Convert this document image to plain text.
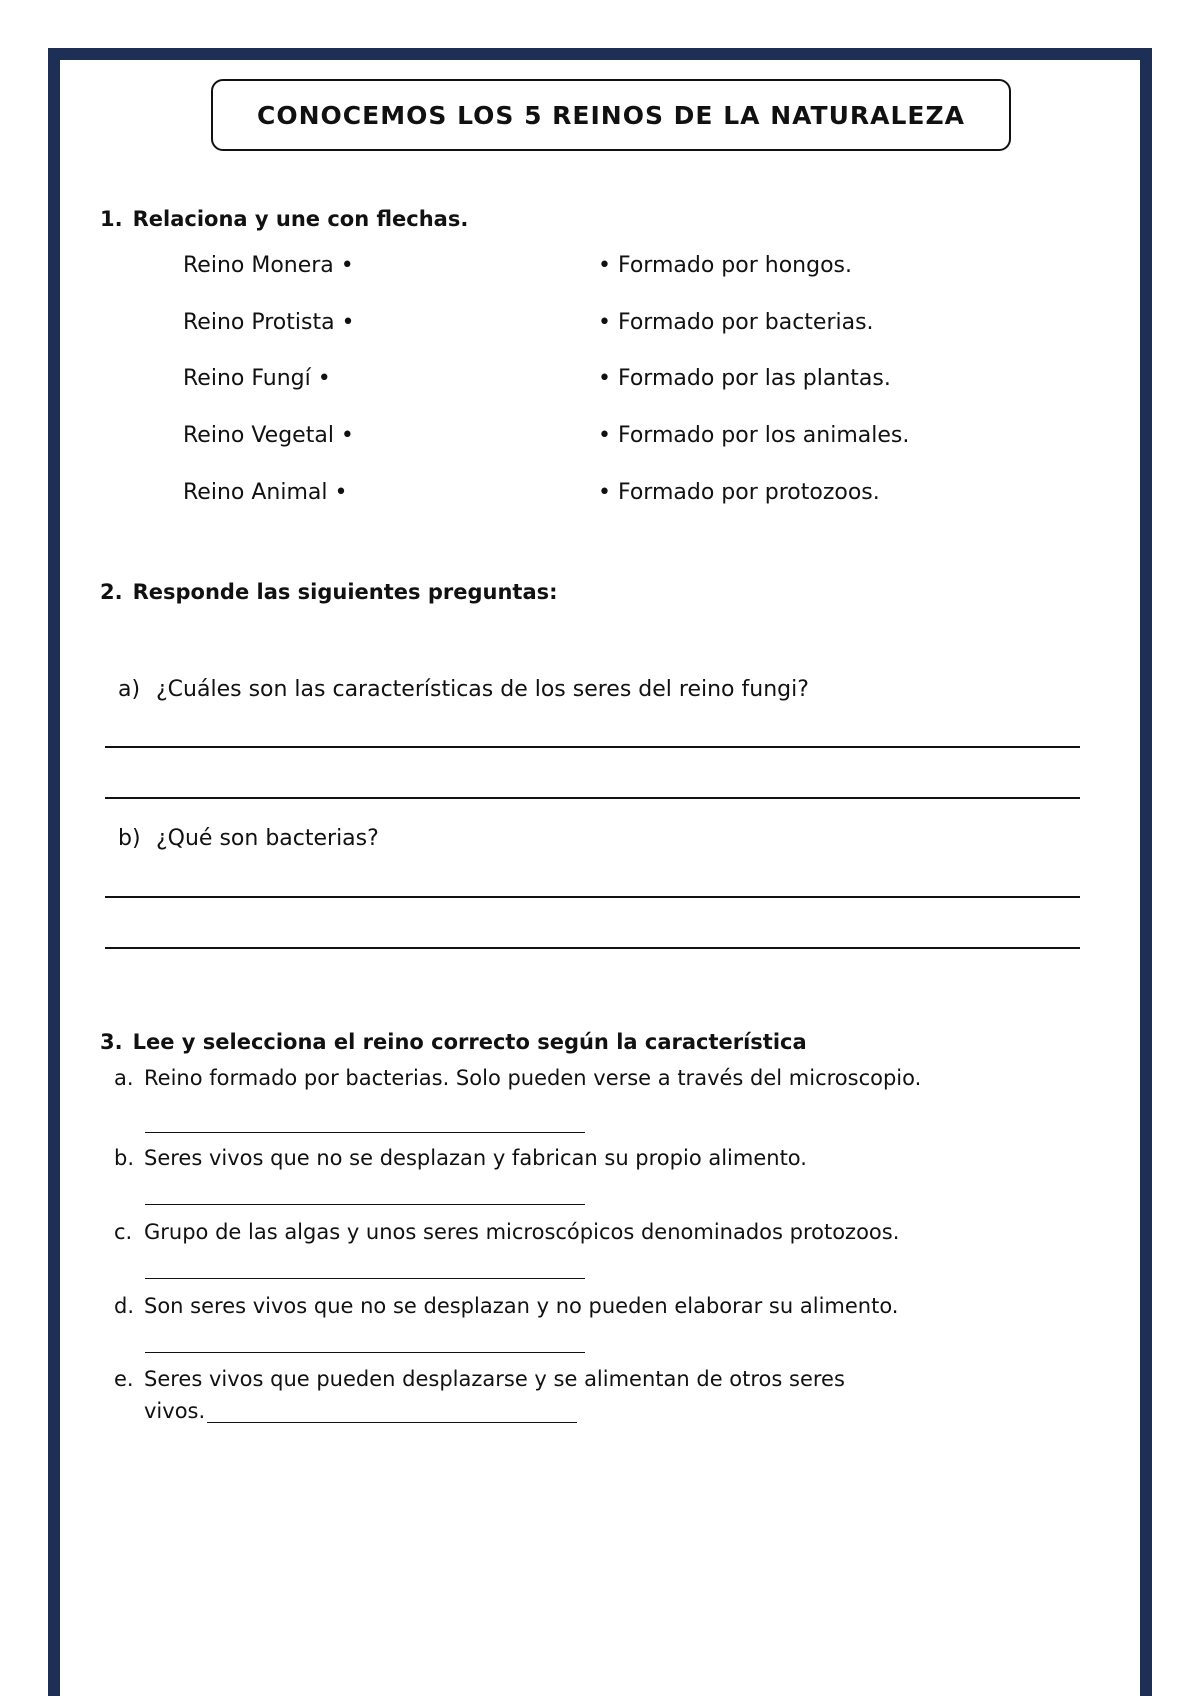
CONOCEMOS LOS 5 REINOS DE LA NATURALEZA
1. Relaciona y une con flechas.
Reino Monera •
Reino Protista •
Reino Fungí •
Reino Vegetal •
Reino Animal •
• Formado por hongos.
• Formado por bacterias.
• Formado por las plantas.
• Formado por los animales.
• Formado por protozoos.
2. Responde las siguientes preguntas:
a) ¿Cuáles son las características de los seres del reino fungi?
b) ¿Qué son bacterias?
3. Lee y selecciona el reino correcto según la característica
a. Reino formado por bacterias. Solo pueden verse a través del microscopio.
b. Seres vivos que no se desplazan y fabrican su propio alimento.
c. Grupo de las algas y unos seres microscópicos denominados protozoos.
d. Son seres vivos que no se desplazan y no pueden elaborar su alimento.
e. Seres vivos que pueden desplazarse y se alimentan de otros seres
vivos.
